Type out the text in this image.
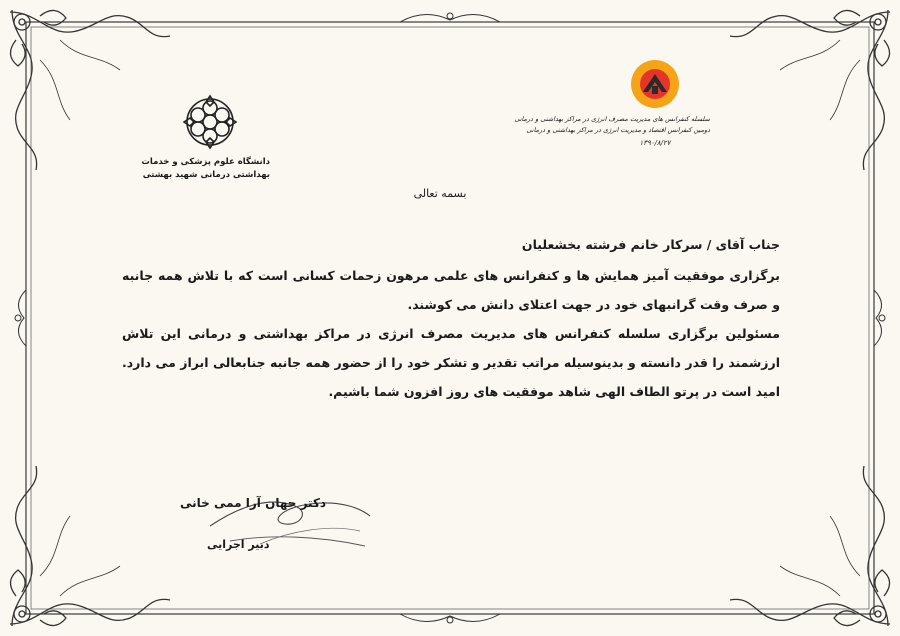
دانشگاه علوم پزشکی و خدمات
بهداشتی درمانی شهید بهشتی
سلسله کنفرانس های مدیریت مصرف انرژی در مراکز بهداشتی و درمانی
دومین کنفرانس اقتصاد و مدیریت انرژی در مراکز بهداشتی و درمانی
۱۳۹۰/۸/۲۷
بسمه تعالی

جناب آقای / سرکار خانم فرشته بخشعلیان

برگزاری موفقیت آمیز همایش ها و کنفرانس های علمی مرهون زحمات کسانی است که با تلاش همه جانبه و صرف وقت گرانبهای خود در جهت اعتلای دانش می کوشند.

مسئولین برگزاری سلسله کنفرانس های مدیریت مصرف انرژی در مراکز بهداشتی و درمانی این تلاش ارزشمند را قدر دانسته و بدینوسیله مراتب تقدیر و تشکر خود را از حضور همه جانبه جنابعالی ابراز می دارد. امید است در پرتو الطاف الهی شاهد موفقیت های روز افزون شما باشیم.

دکتر جهان آرا ممی خانی
دبیر اجرایی
